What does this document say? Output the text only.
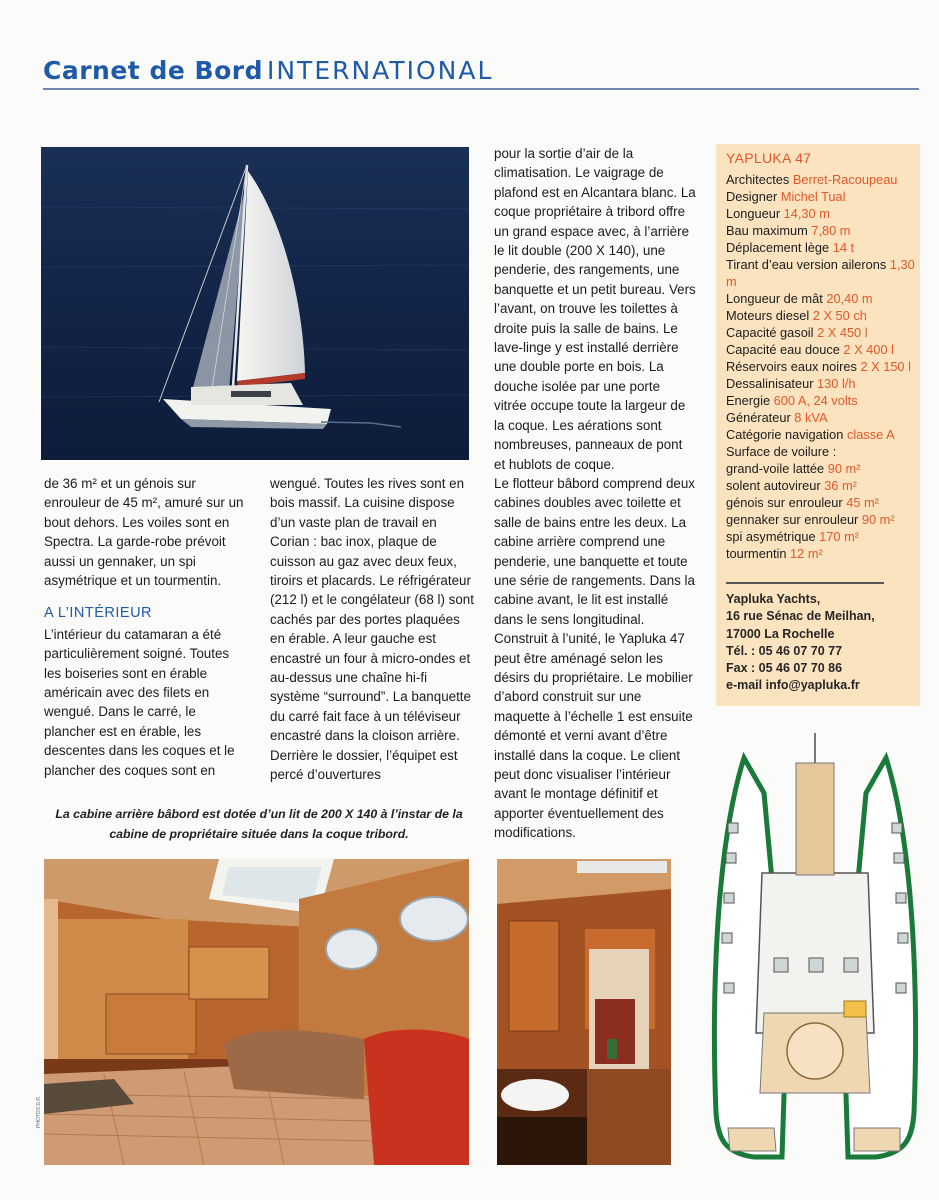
Carnet de Bord INTERNATIONAL

de 36 m² et un génois sur enrouleur de 45 m², amuré sur un bout dehors. Les voiles sont en Spectra. La garde-robe prévoit aussi un gennaker, un spi asymétrique et un tourmentin.

A L’INTÉRIEUR

L’intérieur du catamaran a été particulièrement soigné. Toutes les boiseries sont en érable américain avec des filets en wengué. Dans le carré, le plancher est en érable, les descentes dans les coques et le plancher des coques sont en

wengué. Toutes les rives sont en bois massif. La cuisine dispose d’un vaste plan de travail en Corian : bac inox, plaque de cuisson au gaz avec deux feux, tiroirs et placards. Le réfrigérateur (212 l) et le congélateur (68 l) sont cachés par des portes plaquées en érable. A leur gauche est encastré un four à micro-ondes et au-dessus une chaîne hi-fi système “surround”. La banquette du carré fait face à un téléviseur encastré dans la cloison arrière. Derrière le dossier, l’équipet est percé d’ouvertures

pour la sortie d’air de la climatisation. Le vaigrage de plafond est en Alcantara blanc. La coque propriétaire à tribord offre un grand espace avec, à l’arrière le lit double (200 X 140), une penderie, des rangements, une banquette et un petit bureau. Vers l’avant, on trouve les toilettes à droite puis la salle de bains. Le lave-linge y est installé derrière une double porte en bois. La douche isolée par une porte vitrée occupe toute la largeur de la coque. Les aérations sont nombreuses, panneaux de pont et hublots de coque.

Le flotteur bâbord comprend deux cabines doubles avec toilette et salle de bains entre les deux. La cabine arrière comprend une penderie, une banquette et toute une série de rangements. Dans la cabine avant, le lit est installé dans le sens longitudinal.

Construit à l’unité, le Yapluka 47 peut être aménagé selon les désirs du propriétaire. Le mobilier d’abord construit sur une maquette à l’échelle 1 est ensuite démonté et verni avant d’être installé dans la coque. Le client peut donc visualiser l’intérieur avant le montage définitif et apporter éventuellement des modifications.

La cabine arrière bâbord est dotée d’un lit de 200 X 140 à l’instar de la cabine de propriétaire située dans la coque tribord.
YAPLUKA 47
Architectes Berret-Racoupeau
Designer Michel Tual
Longueur 14,30 m
Bau maximum 7,80 m
Déplacement lège 14 t
Tirant d’eau version ailerons 1,30 m
Longueur de mât 20,40 m
Moteurs diesel 2 X 50 ch
Capacité gasoil 2 X 450 l
Capacité eau douce 2 X 400 l
Réservoirs eaux noires 2 X 150 l
Dessalinisateur 130 l/h
Energie 600 A, 24 volts
Générateur 8 kVA
Catégorie navigation classe A
Surface de voilure :
grand-voile lattée 90 m²
solent autovireur 36 m²
génois sur enrouleur 45 m²
gennaker sur enrouleur 90 m²
spi asymétrique 170 m²
tourmentin 12 m²
Yapluka Yachts,
16 rue Sénac de Meilhan,
17000 La Rochelle
Tél. : 05 46 07 70 77
Fax : 05 46 07 70 86
e-mail info@yapluka.fr
PHOTOS D.R.
